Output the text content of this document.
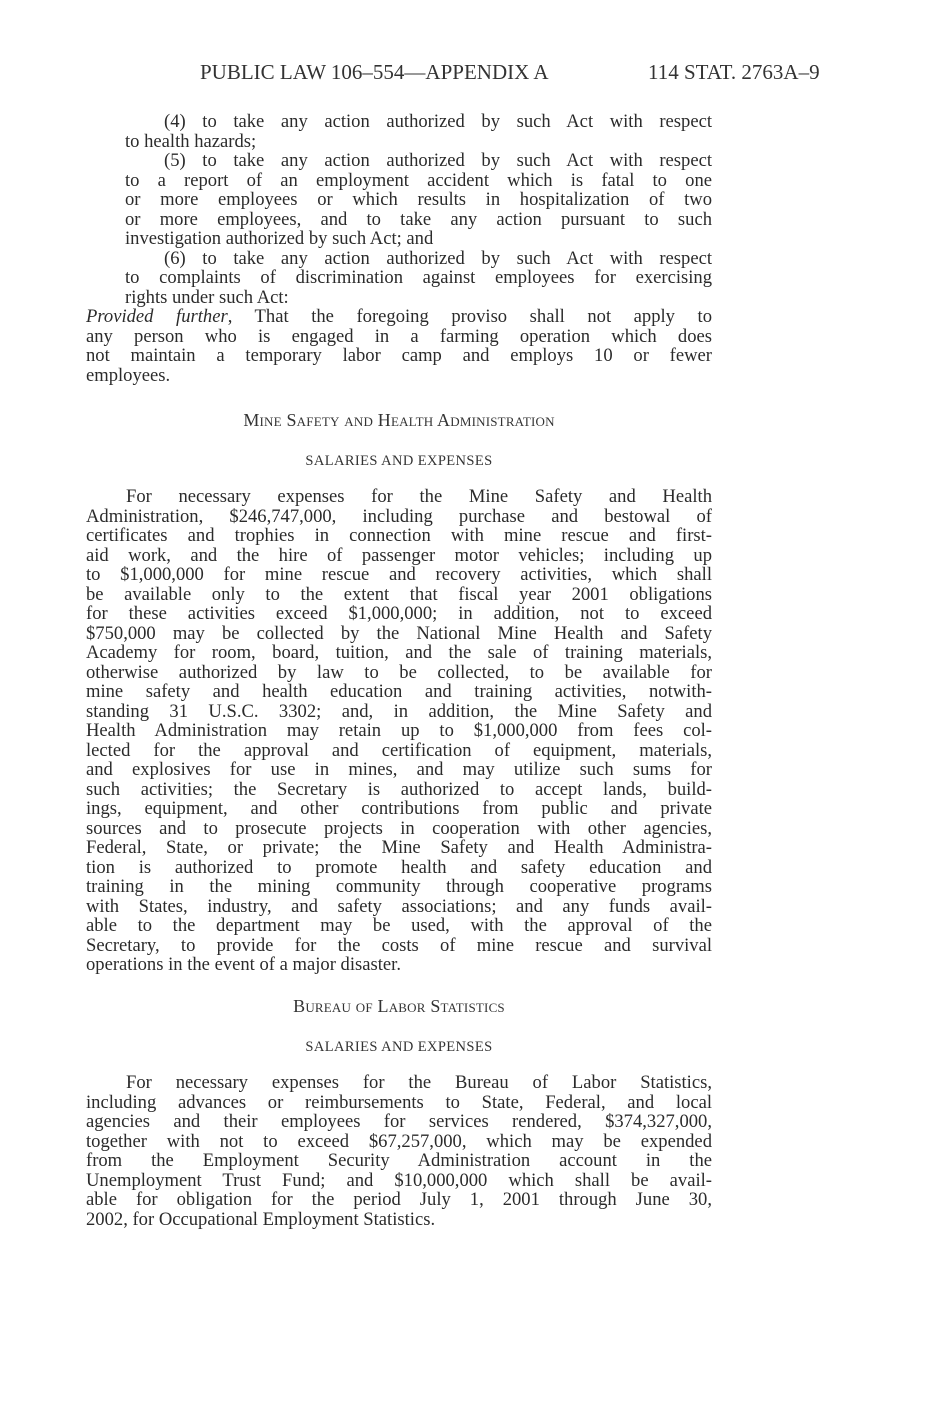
PUBLIC LAW 106–554—APPENDIX A	114 STAT. 2763A–9
(4) to take any action authorized by such Act with respect
to health hazards;
(5) to take any action authorized by such Act with respect
to a report of an employment accident which is fatal to one
or more employees or which results in hospitalization of two
or more employees, and to take any action pursuant to such
investigation authorized by such Act; and
(6) to take any action authorized by such Act with respect
to complaints of discrimination against employees for exercising
rights under such Act:
Provided further, That the foregoing proviso shall not apply to
any person who is engaged in a farming operation which does
not maintain a temporary labor camp and employs 10 or fewer
employees.
Mine Safety and Health Administration
SALARIES AND EXPENSES
For necessary expenses for the Mine Safety and Health
Administration, $246,747,000, including purchase and bestowal of
certificates and trophies in connection with mine rescue and first-
aid work, and the hire of passenger motor vehicles; including up
to $1,000,000 for mine rescue and recovery activities, which shall
be available only to the extent that fiscal year 2001 obligations
for these activities exceed $1,000,000; in addition, not to exceed
$750,000 may be collected by the National Mine Health and Safety
Academy for room, board, tuition, and the sale of training materials,
otherwise authorized by law to be collected, to be available for
mine safety and health education and training activities, notwith-
standing 31 U.S.C. 3302; and, in addition, the Mine Safety and
Health Administration may retain up to $1,000,000 from fees col-
lected for the approval and certification of equipment, materials,
and explosives for use in mines, and may utilize such sums for
such activities; the Secretary is authorized to accept lands, build-
ings, equipment, and other contributions from public and private
sources and to prosecute projects in cooperation with other agencies,
Federal, State, or private; the Mine Safety and Health Administra-
tion is authorized to promote health and safety education and
training in the mining community through cooperative programs
with States, industry, and safety associations; and any funds avail-
able to the department may be used, with the approval of the
Secretary, to provide for the costs of mine rescue and survival
operations in the event of a major disaster.
Bureau of Labor Statistics
SALARIES AND EXPENSES
For necessary expenses for the Bureau of Labor Statistics,
including advances or reimbursements to State, Federal, and local
agencies and their employees for services rendered, $374,327,000,
together with not to exceed $67,257,000, which may be expended
from the Employment Security Administration account in the
Unemployment Trust Fund; and $10,000,000 which shall be avail-
able for obligation for the period July 1, 2001 through June 30,
2002, for Occupational Employment Statistics.
